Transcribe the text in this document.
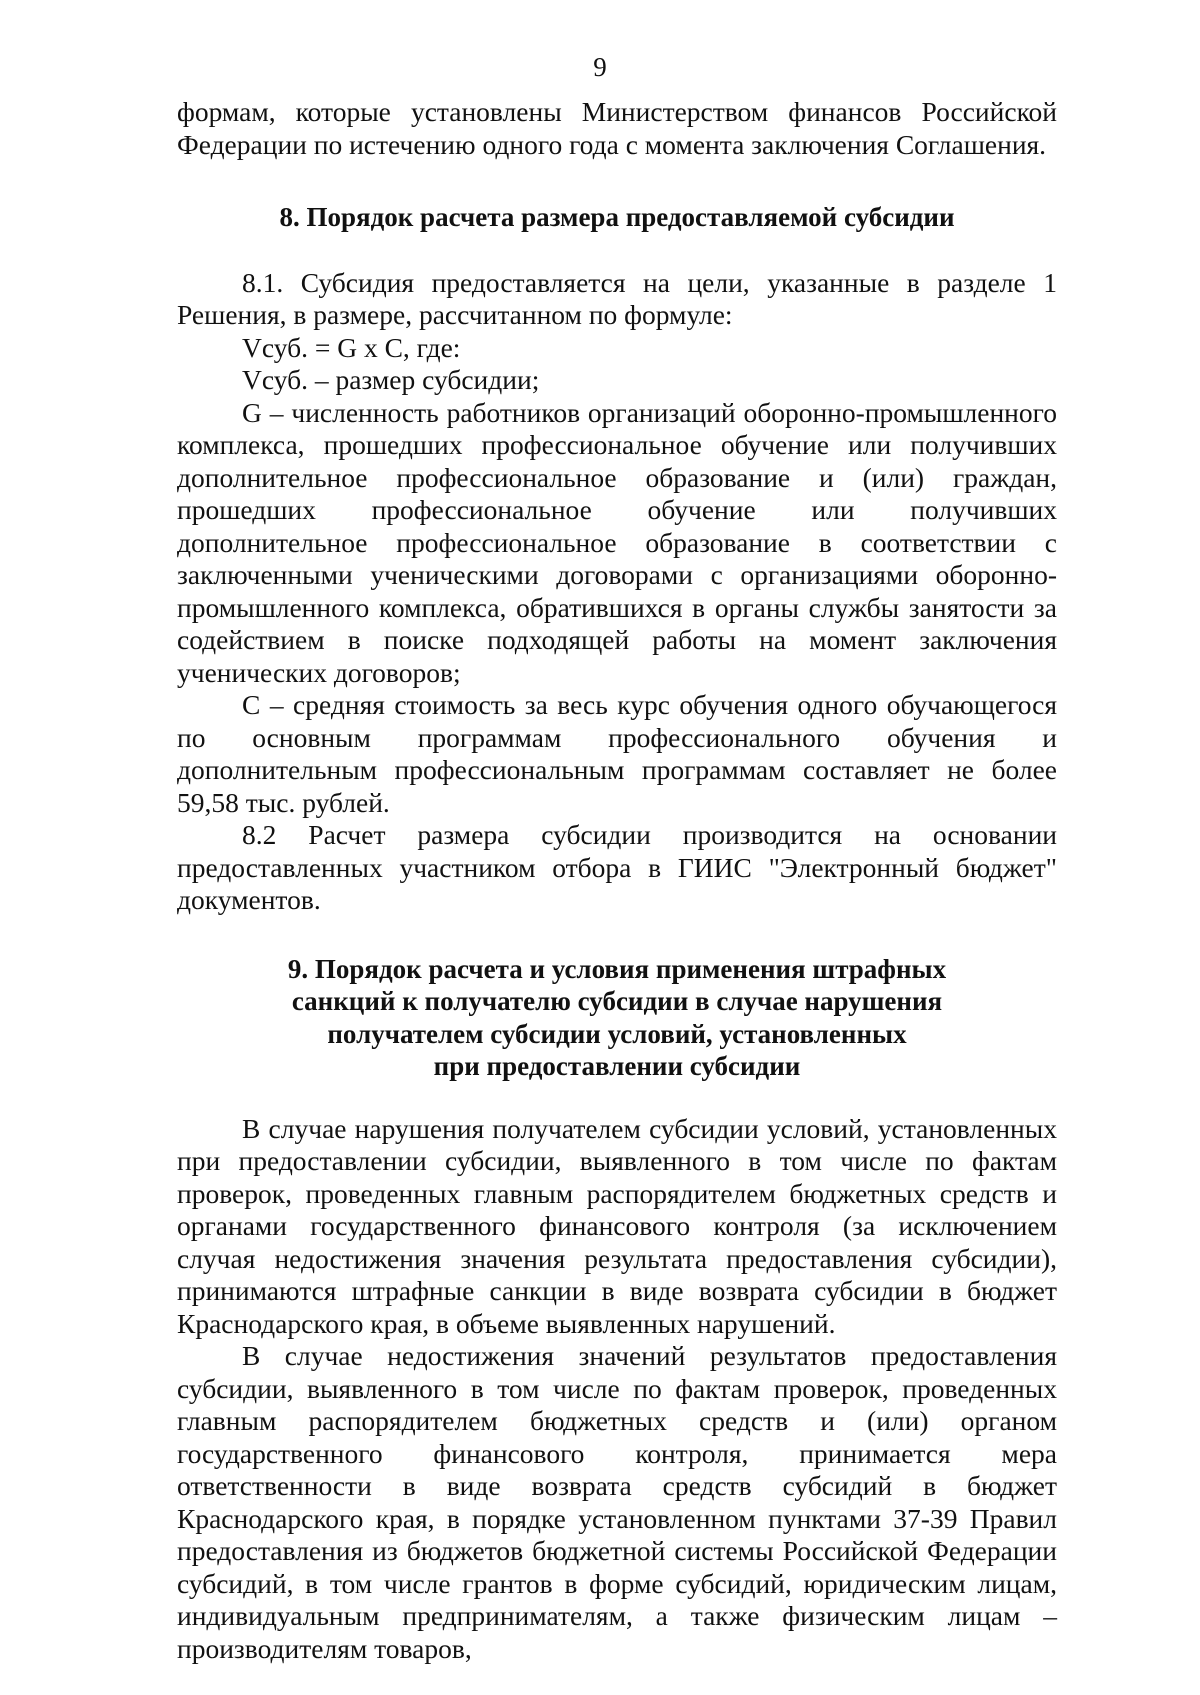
9

формам, которые установлены Министерством финансов Российской Федерации по истечению одного года с момента заключения Соглашения.

8. Порядок расчета размера предоставляемой субсидии

8.1. Субсидия предоставляется на цели, указанные в разделе 1 Решения, в размере, рассчитанном по формуле:

Vсуб. = G x C, где:

Vсуб. – размер субсидии;

G – численность работников организаций оборонно-промышленного комплекса, прошедших профессиональное обучение или получивших дополнительное профессиональное образование и (или) граждан, прошедших профессиональное обучение или получивших дополнительное профессиональное образование в соответствии с заключенными ученическими договорами с организациями оборонно-промышленного комплекса, обратившихся в органы службы занятости за содействием в поиске подходящей работы на момент заключения ученических договоров;

C – средняя стоимость за весь курс обучения одного обучающегося по основным программам профессионального обучения и дополнительным профессиональным программам составляет не более 59,58 тыс. рублей.

8.2 Расчет размера субсидии производится на основании предоставленных участником отбора в ГИИС "Электронный бюджет" документов.

9. Порядок расчета и условия применения штрафных
санкций к получателю субсидии в случае нарушения
получателем субсидии условий, установленных
при предоставлении субсидии

В случае нарушения получателем субсидии условий, установленных при предоставлении субсидии, выявленного в том числе по фактам проверок, проведенных главным распорядителем бюджетных средств и органами государственного финансового контроля (за исключением случая недостижения значения результата предоставления субсидии), принимаются штрафные санкции в виде возврата субсидии в бюджет Краснодарского края, в объеме выявленных нарушений.

В случае недостижения значений результатов предоставления субсидии, выявленного в том числе по фактам проверок, проведенных главным распорядителем бюджетных средств и (или) органом государственного финансового контроля, принимается мера ответственности в виде возврата средств субсидий в бюджет Краснодарского края, в порядке установленном пунктами 37-39 Правил предоставления из бюджетов бюджетной системы Российской Федерации субсидий, в том числе грантов в форме субсидий, юридическим лицам, индивидуальным предпринимателям, а также физическим лицам – производителям товаров,
